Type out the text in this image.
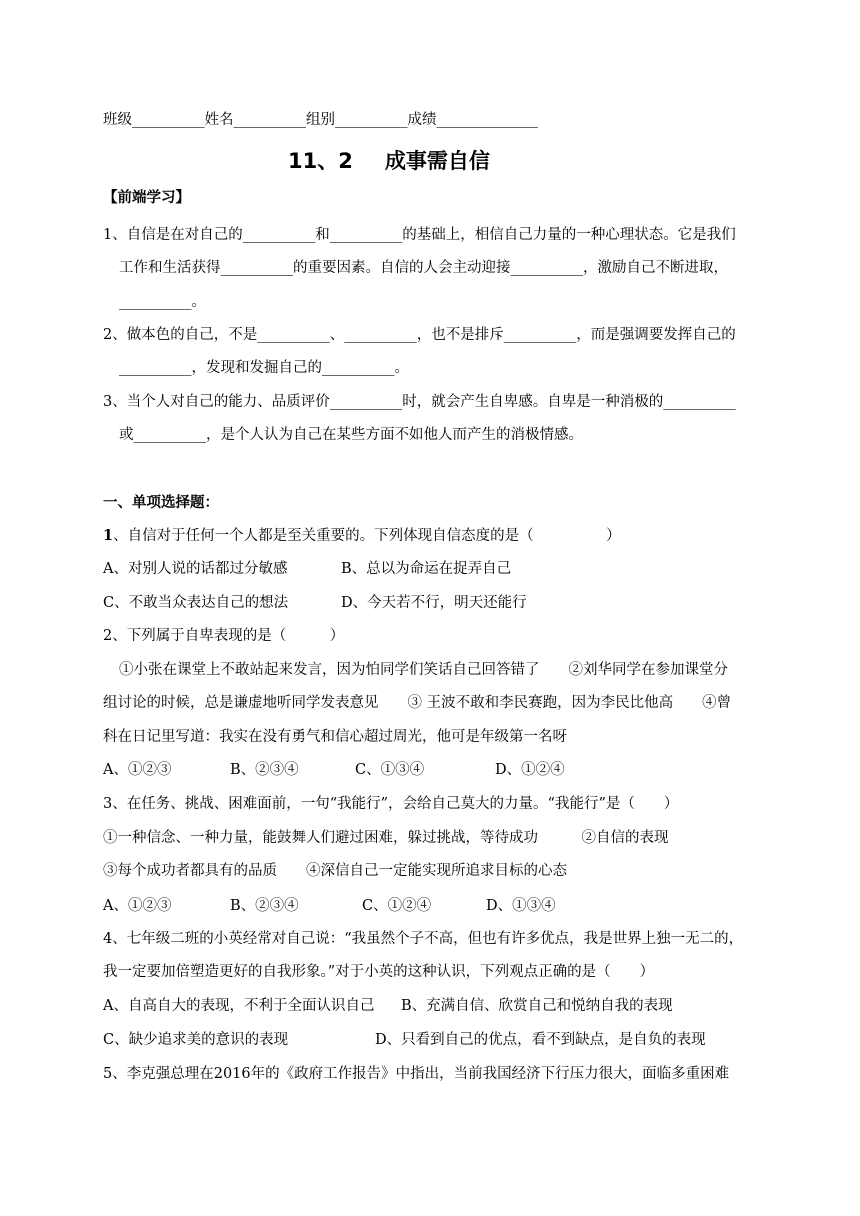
班级__________姓名__________组别__________成绩______________
11、2 成事需自信
【前端学习】
1、自信是在对自己的__________和__________的基础上，相信自己力量的一种心理状态。它是我们
工作和生活获得__________的重要因素。自信的人会主动迎接__________，激励自己不断进取，
__________。
2、做本色的自己，不是__________、__________，也不是排斥__________，而是强调要发挥自己的
__________，发现和发掘自己的__________。
3、当个人对自己的能力、品质评价__________时，就会产生自卑感。自卑是一种消极的__________
或__________，是个人认为自己在某些方面不如他人而产生的消极情感。
一、单项选择题：
1、自信对于任何一个人都是至关重要的。下列体现自信态度的是（　　　　　）
A、对别人说的话都过分敏感	B、总以为命运在捉弄自己
C、不敢当众表达自己的想法	D、今天若不行，明天还能行
2、下列属于自卑表现的是（　　　）
①小张在课堂上不敢站起来发言，因为怕同学们笑话自己回答错了　　②刘华同学在参加课堂分
组讨论的时候，总是谦虚地听同学发表意见　　③ 王波不敢和李民赛跑，因为李民比他高　　④曾
科在日记里写道：我实在没有勇气和信心超过周光，他可是年级第一名呀
A、①②③	B、②③④	C、①③④	D、①②④
3、在任务、挑战、困难面前，一句“我能行”，会给自己莫大的力量。“我能行”是（　　）
①一种信念、一种力量，能鼓舞人们避过困难，躲过挑战，等待成功　　　②自信的表现
③每个成功者都具有的品质　　④深信自己一定能实现所追求目标的心态
A、①②③	B、②③④	C、①②④	D、①③④
4、七年级二班的小英经常对自己说：“我虽然个子不高，但也有许多优点，我是世界上独一无二的，
我一定要加倍塑造更好的自我形象。”对于小英的这种认识，下列观点正确的是（　　）
A、自高自大的表现，不利于全面认识自己 B、充满自信、欣赏自己和悦纳自我的表现
C、缺少追求美的意识的表现	D、只看到自己的优点，看不到缺点，是自负的表现
5、李克强总理在2016年的《政府工作报告》中指出，当前我国经济下行压力很大，面临多重困难
